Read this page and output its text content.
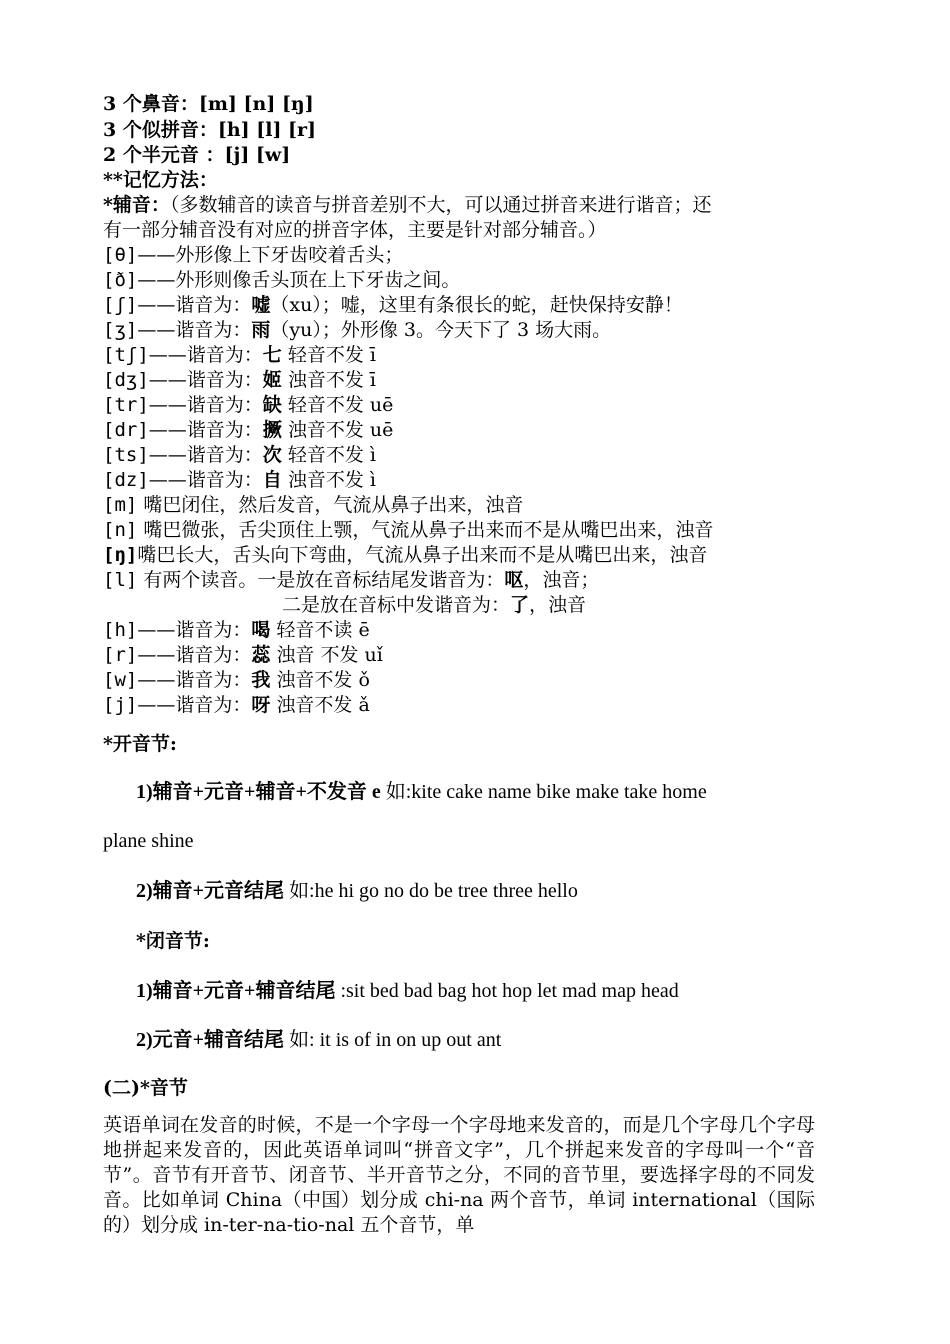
3 个鼻音：[m] [n] [ŋ]
3 个似拼音：[h] [l] [r]
2 个半元音 ：[j] [w]
**记忆方法：
*辅音：（多数辅音的读音与拼音差别不大，可以通过拼音来进行谐音；还
有一部分辅音没有对应的拼音字体，主要是针对部分辅音。）
[θ]——外形像上下牙齿咬着舌头；
[ð]——外形则像舌头顶在上下牙齿之间。
[ʃ]——谐音为：嘘（xu）；嘘，这里有条很长的蛇，赶快保持安静！
[ʒ]——谐音为：雨（yu）；外形像 3。今天下了 3 场大雨。
[tʃ]——谐音为：七 轻音不发 ī
[dʒ]——谐音为：姬 浊音不发 ī
[tr]——谐音为：缺 轻音不发 uē
[dr]——谐音为：撅 浊音不发 uē
[ts]——谐音为：次 轻音不发 ì
[dz]——谐音为：自 浊音不发 ì
[m] 嘴巴闭住，然后发音，气流从鼻子出来，浊音
[n] 嘴巴微张，舌尖顶住上颚，气流从鼻子出来而不是从嘴巴出来，浊音
[ŋ]嘴巴长大，舌头向下弯曲，气流从鼻子出来而不是从嘴巴出来，浊音
[l] 有两个读音。一是放在音标结尾发谐音为：呕，浊音；
二是放在音标中发谐音为：了，浊音
[h]——谐音为：喝 轻音不读 ē
[r]——谐音为：蕊 浊音 不发 uǐ
[w]——谐音为：我 浊音不发 ǒ
[j]——谐音为：呀 浊音不发 ǎ
*开音节:
1)辅音+元音+辅音+不发音 e 如:kite cake name bike make take home
plane shine
2)辅音+元音结尾 如:he hi go no do be tree three hello
*闭音节:
1)辅音+元音+辅音结尾 :sit bed bad bag hot hop let mad map head
2)元音+辅音结尾 如: it is of in on up out ant
(二)*音节
英语单词在发音的时候，不是一个字母一个字母地来发音的，而是几个字母几个字母地拼起来发音的，因此英语单词叫“拼音文字”，几个拼起来发音的字母叫一个“音节”。音节有开音节、闭音节、半开音节之分，不同的音节里，要选择字母的不同发音。比如单词 China（中国）划分成 chi-na 两个音节，单词 international（国际的）划分成 in-ter-na-tio-nal 五个音节，单
